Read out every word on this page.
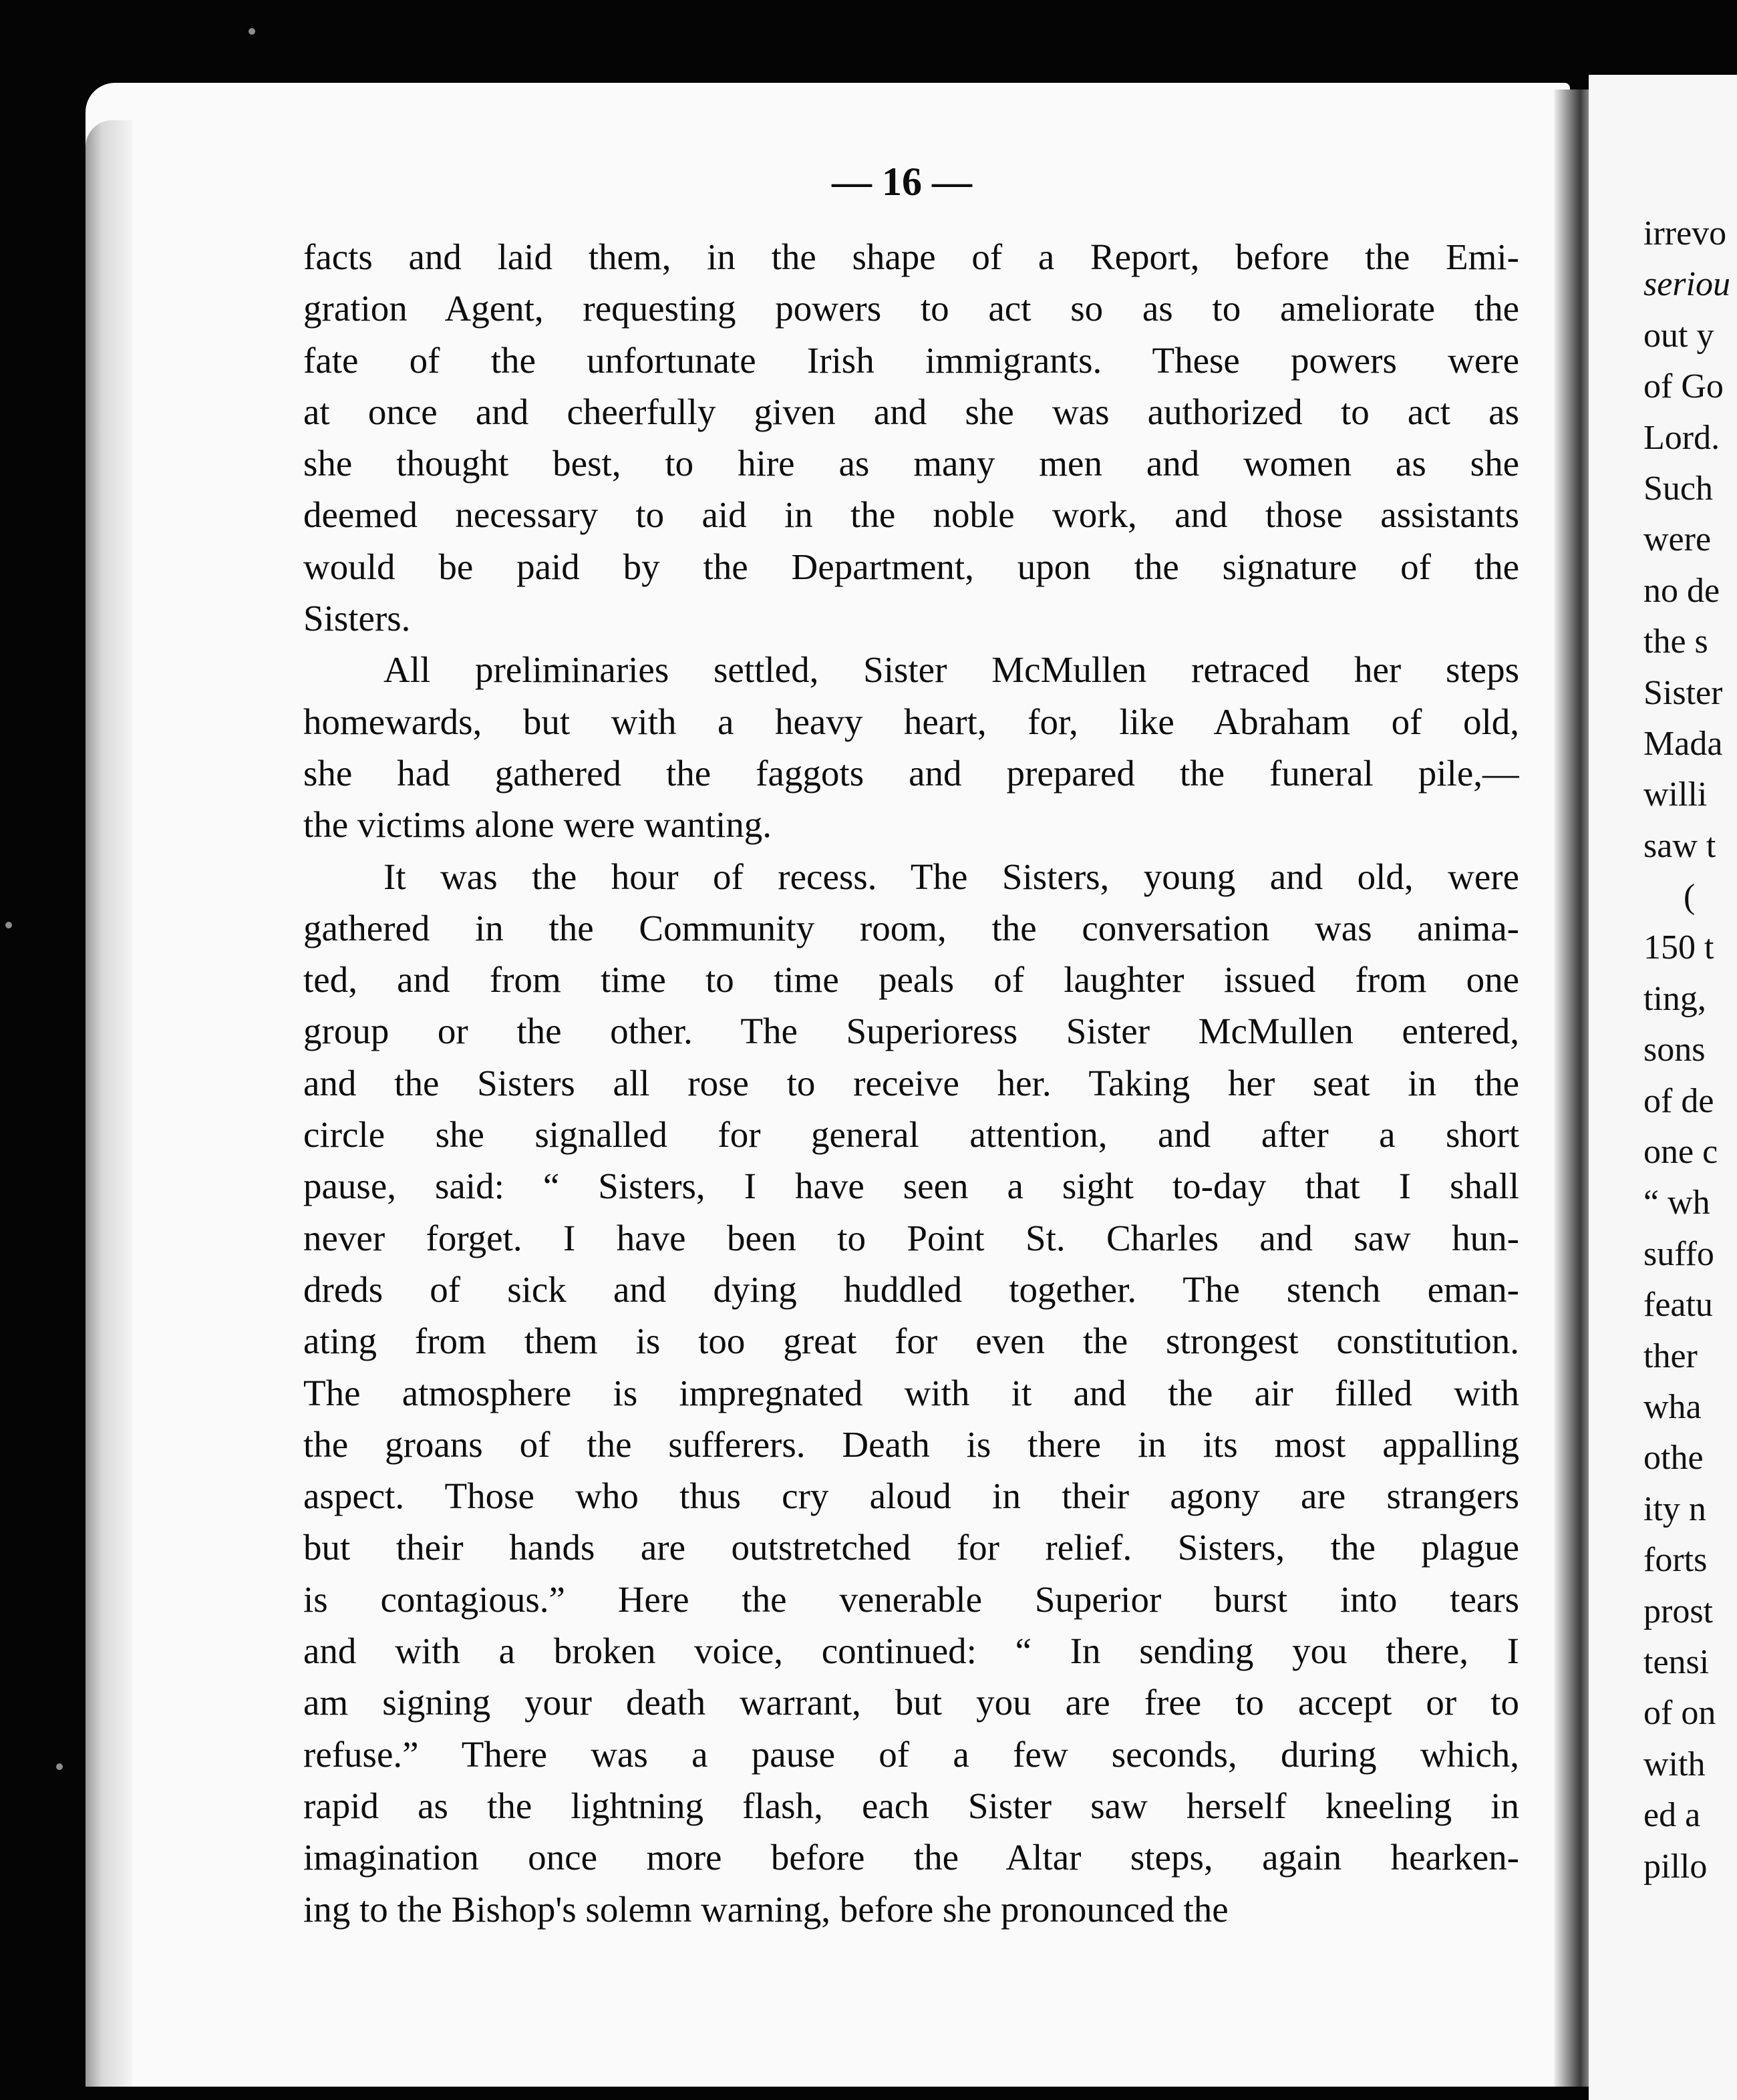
— 16 —
facts and laid them, in the shape of a Report, before the Emi-
gration Agent, requesting powers to act so as to ameliorate the
fate of the unfortunate Irish immigrants. These powers were
at once and cheerfully given and she was authorized to act as
she thought best, to hire as many men and women as she
deemed necessary to aid in the noble work, and those assistants
would be paid by the Department, upon the signature of the
Sisters.
All preliminaries settled, Sister McMullen retraced her steps
homewards, but with a heavy heart, for, like Abraham of old,
she had gathered the faggots and prepared the funeral pile,—
the victims alone were wanting.
It was the hour of recess. The Sisters, young and old, were
gathered in the Community room, the conversation was anima-
ted, and from time to time peals of laughter issued from one
group or the other. The Superioress Sister McMullen entered,
and the Sisters all rose to receive her. Taking her seat in the
circle she signalled for general attention, and after a short
pause, said: “ Sisters, I have seen a sight to-day that I shall
never forget. I have been to Point St. Charles and saw hun-
dreds of sick and dying huddled together. The stench eman-
ating from them is too great for even the strongest constitution.
The atmosphere is impregnated with it and the air filled with
the groans of the sufferers. Death is there in its most appalling
aspect. Those who thus cry aloud in their agony are strangers
but their hands are outstretched for relief. Sisters, the plague
is contagious.” Here the venerable Superior burst into tears
and with a broken voice, continued: “ In sending you there, I
am signing your death warrant, but you are free to accept or to
refuse.” There was a pause of a few seconds, during which,
rapid as the lightning flash, each Sister saw herself kneeling in
imagination once more before the Altar steps, again hearken-
ing to the Bishop's solemn warning, before she pronounced the
irrevo
seriou
out y
of Go
Lord.
Such
were
no de
the s
Sister
Mada
willi
saw t
(
150 t
ting,
sons
of de
one c
“ wh
suffo
featu
ther
wha
othe
ity n
forts
prost
tensi
of on
with
ed a
pillo
